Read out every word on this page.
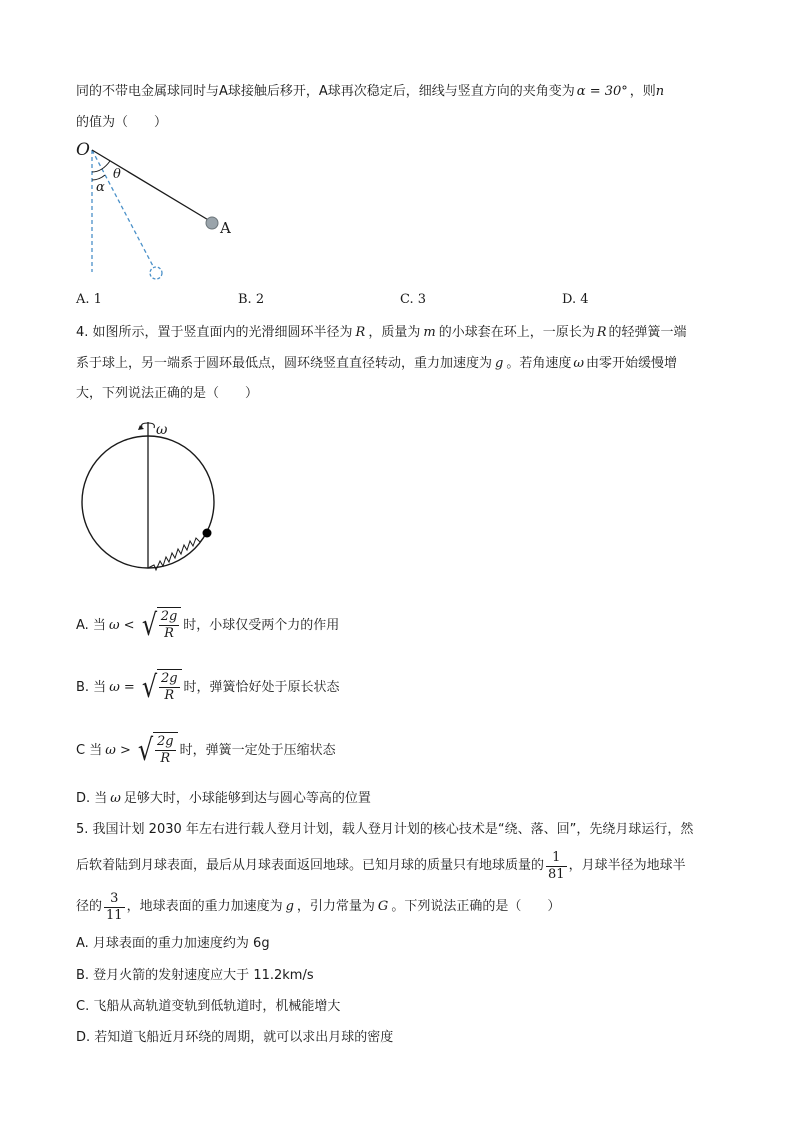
同的不带电金属球同时与A球接触后移开，A球再次稳定后，细线与竖直方向的夹角变为 α = 30° ，则n
的值为（　　）
O
θ
α
A
A. 1	B. 2	C. 3	D. 4
4. 如图所示，置于竖直面内的光滑细圆环半径为 R ，质量为 m 的小球套在环上，一原长为 R 的轻弹簧一端
系于球上，另一端系于圆环最低点，圆环绕竖直直径转动，重力加速度为 g 。若角速度 ω 由零开始缓慢增
大，下列说法正确的是（　　）
ω
A. 当 ω < √ $\frac{2g}{R}$ 时，小球仅受两个力的作用
B. 当 ω = √ $\frac{2g}{R}$ 时，弹簧恰好处于原长状态
C 当 ω > √ $\frac{2g}{R}$ 时，弹簧一定处于压缩状态
D. 当 ω 足够大时，小球能够到达与圆心等高的位置
5. 我国计划 2030 年左右进行载人登月计划，载人登月计划的核心技术是“绕、落、回”，先绕月球运行，然
后软着陆到月球表面，最后从月球表面返回地球。已知月球的质量只有地球质量的 $\frac{1}{81}$ ，月球半径为地球半
径的 $\frac{3}{11}$ ，地球表面的重力加速度为 g ，引力常量为 G 。下列说法正确的是（　　）
A. 月球表面的重力加速度约为 6g
B. 登月火箭的发射速度应大于 11.2km/s
C. 飞船从高轨道变轨到低轨道时，机械能增大
D. 若知道飞船近月环绕的周期，就可以求出月球的密度
